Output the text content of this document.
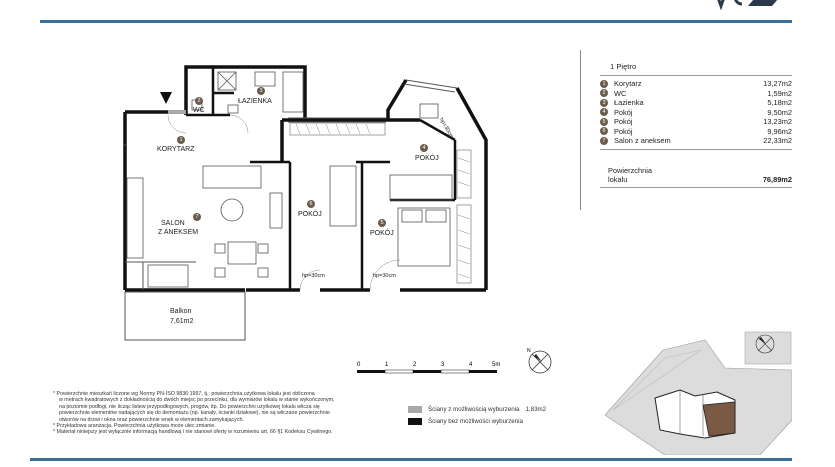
1
KORYTARZ
2
WC
3
ŁAZIENKA
4
POKÓJ
hp=30cm
5
POKÓJ
hp=30cm
6
POKÓJ
hp=30cm
7
SALON
Z ANEKSEM
Balkon
7,61m2
1 Piętro
1	Korytarz	13,27m2
2	WC	1,59m2
3	Łazienka	5,18m2
4	Pokój	9,50m2
5	Pokój	13,23m2
6	Pokój	9,96m2
7	Salon z aneksem	22,33m2
Powierzchnia
lokalu	76,89m2
0	1	2	3	4	5m
N

* Powierzchnie mieszkań liczone wg Normy PN-ISO 9836:1997, tj.: powierzchnia użytkowa lokalu jest obliczona

w metrach kwadratowych z dokładnością do dwóch miejsc po przecinku, dla wymiarów lokalu w stanie wykończonym,

na poziomie podłogi, nie licząc listew przypodłogowych, progów, itp. Do powierzchni użytkowej lokalu wlicza się

powierzchnie elementów nadających się do demontażu (np. kanały, ścianki działowe), nie są wliczane powierzchnie

otworów na drzwi i okna oraz powierzchnie wnęk w elementach zamykających.

* Przykładowa aranżacja. Powierzchnia użytkowa może ulec zmianie.

* Materiał niniejszy jest wyłącznie informacją handlową i nie stanowi oferty w rozumieniu art. 66 §1 Kodeksu Cywilnego.

Ściany z możliwością wyburzenia 1,83m2
Ściany bez możliwości wyburzenia
